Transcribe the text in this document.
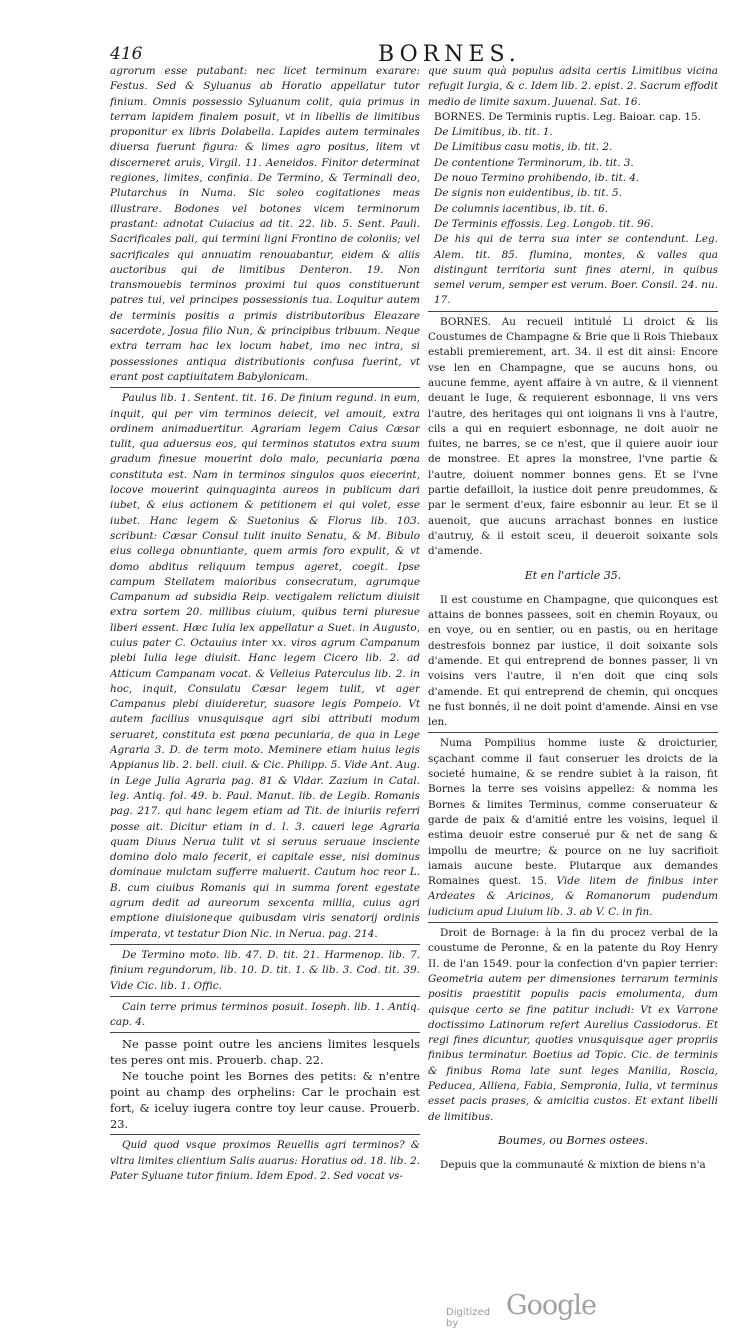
416	BORNES.

agrorum esse putabant: nec licet terminum exarare: Festus. Sed & Syluanus ab Horatio appellatur tutor finium. Omnis possessio Syluanum colit, quia primus in terram lapidem finalem posuit, vt in libellis de limitibus proponitur ex libris Dolabella. Lapides autem terminales diuersa fuerunt figura: & limes agro positus, litem vt discerneret aruis, Virgil. 11. Aeneidos. Finitor determinat regiones, limites, confinia. De Termino, & Terminali deo, Plutarchus in Numa. Sic soleo cogitationes meas illustrare. Bodones vel botones vicem terminorum prastant: adnotat Cuiacius ad tit. 22. lib. 5. Sent. Pauli. Sacrificales pali, qui termini ligni Frontino de coloniis; vel sacrificales qui annuatim renouabantur, eidem & aliis auctoribus qui de limitibus Denteron. 19. Non transmouebis terminos proximi tui quos constituerunt patres tui, vel principes possessionis tua. Loquitur autem de terminis positis a primis distributoribus Eleazare sacerdote, Josua filio Nun, & principibus tribuum. Neque extra terram hac lex locum habet, imo nec intra, si possessiones antiqua distributionis confusa fuerint, vt erant post captiuitatem Babylonicam.

Paulus lib. 1. Sentent. tit. 16. De finium regund. in eum, inquit, qui per vim terminos deiecit, vel amouit, extra ordinem animaduertitur. Agrariam legem Caius Cæsar tulit, qua aduersus eos, qui terminos statutos extra suum gradum finesue mouerint dolo malo, pecuniaria pœna constituta est. Nam in terminos singulos quos eiecerint, locove mouerint quinquaginta aureos in publicum dari iubet, & eius actionem & petitionem ei qui volet, esse iubet. Hanc legem & Suetonius & Florus lib. 103. scribunt: Cæsar Consul tulit inuito Senatu, & M. Bibulo eius collega obnuntiante, quem armis foro expulit, & vt domo abditus reliquum tempus ageret, coegit. Ipse campum Stellatem maioribus consecratum, agrumque Campanum ad subsidia Reip. vectigalem relictum diuisit extra sortem 20. millibus ciuium, quibus terni pluresue liberi essent. Hæc Iulia lex appellatur a Suet. in Augusto, cuius pater C. Octauius inter xx. viros agrum Campanum plebi Iulia lege diuisit. Hanc legem Cicero lib. 2. ad Atticum Campanam vocat. & Velleius Paterculus lib. 2. in hoc, inquit, Consulatu Cæsar legem tulit, vt ager Campanus plebi diuideretur, suasore legis Pompeio. Vt autem facilius vnusquisque agri sibi attributi modum seruaret, constituta est pœna pecuniaria, de qua in Lege Agraria 3. D. de term moto. Meminere etiam huius legis Appianus lib. 2. bell. ciuil. & Cic. Philipp. 5. Vide Ant. Aug. in Lege Julia Agraria pag. 81 & Vldar. Zazium in Catal. leg. Antiq. fol. 49. b. Paul. Manut. lib. de Legib. Romanis pag. 217. qui hanc legem etiam ad Tit. de iniuriis referri posse ait. Dicitur etiam in d. l. 3. caueri lege Agraria quam Diuus Nerua tulit vt si seruus seruaue insciente domino dolo malo fecerit, ei capitale esse, nisi dominus dominaue mulctam sufferre maluerit. Cautum hoc reor L. B. cum ciuibus Romanis qui in summa forent egestate agrum dedit ad aureorum sexcenta millia, cuius agri emptione diuisioneque quibusdam viris senatorij ordinis imperata, vt testatur Dion Nic. in Nerua. pag. 214.

De Termino moto. lib. 47. D. tit. 21. Harmenop. lib. 7. finium regundorum, lib. 10. D. tit. 1. & lib. 3. Cod. tit. 39. Vide Cic. lib. 1. Offic.

Cain terre primus terminos posuit. Ioseph. lib. 1. Antiq. cap. 4.

Ne passe point outre les anciens limites lesquels tes peres ont mis. Prouerb. chap. 22.

Ne touche point les Bornes des petits: & n'entre point au champ des orphelins: Car le prochain est fort, & iceluy iugera contre toy leur cause. Prouerb. 23.

Quid quod vsque proximos Reuellis agri terminos? & vltra limites clientium Salis auarus: Horatius od. 18. lib. 2. Pater Syluane tutor finium. Idem Epod. 2. Sed vocat vs-

que suum quà populus adsita certis Limitibus vicina refugit Iurgia, & c. Idem lib. 2. epist. 2. Sacrum effodit medio de limite saxum. Juuenal. Sat. 16.

BORNES. De Terminis ruptis. Leg. Baioar. cap. 15.

De Limitibus, ib. tit. 1.

De Limitibus casu motis, ib. tit. 2.

De contentione Terminorum, ib. tit. 3.

De nouo Termino prohibendo, ib. tit. 4.

De signis non euidentibus, ib. tit. 5.

De columnis iacentibus, ib. tit. 6.

De Terminis effossis. Leg. Longob. tit. 96.

De his qui de terra sua inter se contendunt. Leg. Alem. tit. 85. flumina, montes, & valles qua distingunt territoria sunt fines aterni, in quibus semel verum, semper est verum. Boer. Consil. 24. nu. 17.

BORNES. Au recueil intitulé Li droict & lis Coustumes de Champagne & Brie que li Rois Thiebaux establi premierement, art. 34. il est dit ainsi: Encore vse len en Champagne, que se aucuns hons, ou aucune femme, ayent affaire à vn autre, & il viennent deuant le Iuge, & requierent esbonnage, li vns vers l'autre, des heritages qui ont ioignans li vns à l'autre, cils a qui en requiert esbonnage, ne doit auoir ne fuites, ne barres, se ce n'est, que il quiere auoir iour de monstree. Et apres la monstree, l'vne partie & l'autre, doiuent nommer bonnes gens. Et se l'vne partie defailloit, la iustice doit penre preudommes, & par le serment d'eux, faire esbonnir au leur. Et se il auenoit, que aucuns arrachast bonnes en iustice d'autruy, & il estoit sceu, il deueroit soixante sols d'amende.

Et en l'article 35.

Il est coustume en Champagne, que quiconques est attains de bonnes passees, soit en chemin Royaux, ou en voye, ou en sentier, ou en pastis, ou en heritage destresfois bonnez par iustice, il doit soixante sols d'amende. Et qui entreprend de bonnes passer, li vn voisins vers l'autre, il n'en doit que cinq sols d'amende. Et qui entreprend de chemin, qui oncques ne fust bonnés, il ne doit point d'amende. Ainsi en vse len.

Numa Pompilius homme iuste & droicturier, sçachant comme il faut conseruer les droicts de la societé humaine, & se rendre subiet à la raison, fit Bornes la terre ses voisins appellez: & nomma les Bornes & limites Terminus, comme conseruateur & garde de paix & d'amitié entre les voisins, lequel il estima deuoir estre conserué pur & net de sang & impollu de meurtre; & pource on ne luy sacrifioit iamais aucune beste. Plutarque aux demandes Romaines quest. 15. Vide litem de finibus inter Ardeates & Aricinos, & Romanorum pudendum iudicium apud Liuium lib. 3. ab V. C. in fin.

Droit de Bornage: à la fin du procez verbal de la coustume de Peronne, & en la patente du Roy Henry II. de l'an 1549. pour la confection d'vn papier terrier: Geometria autem per dimensiones terrarum terminis positis praestitit populis pacis emolumenta, dum quisque certo se fine patitur includi: Vt ex Varrone doctissimo Latinorum refert Aurelius Cassiodorus. Et regi fines dicuntur, quoties vnusquisque ager propriis finibus terminatur. Boetius ad Topic. Cic. de terminis & finibus Roma late sunt leges Manilia, Roscia, Peducea, Alliena, Fabia, Sempronia, Iulia, vt terminus esset pacis prases, & amicitia custos. Et extant libelli de limitibus.

Boumes, ou Bornes ostees.

Depuis que la communauté & mixtion de biens n'a

Digitized by
Google
